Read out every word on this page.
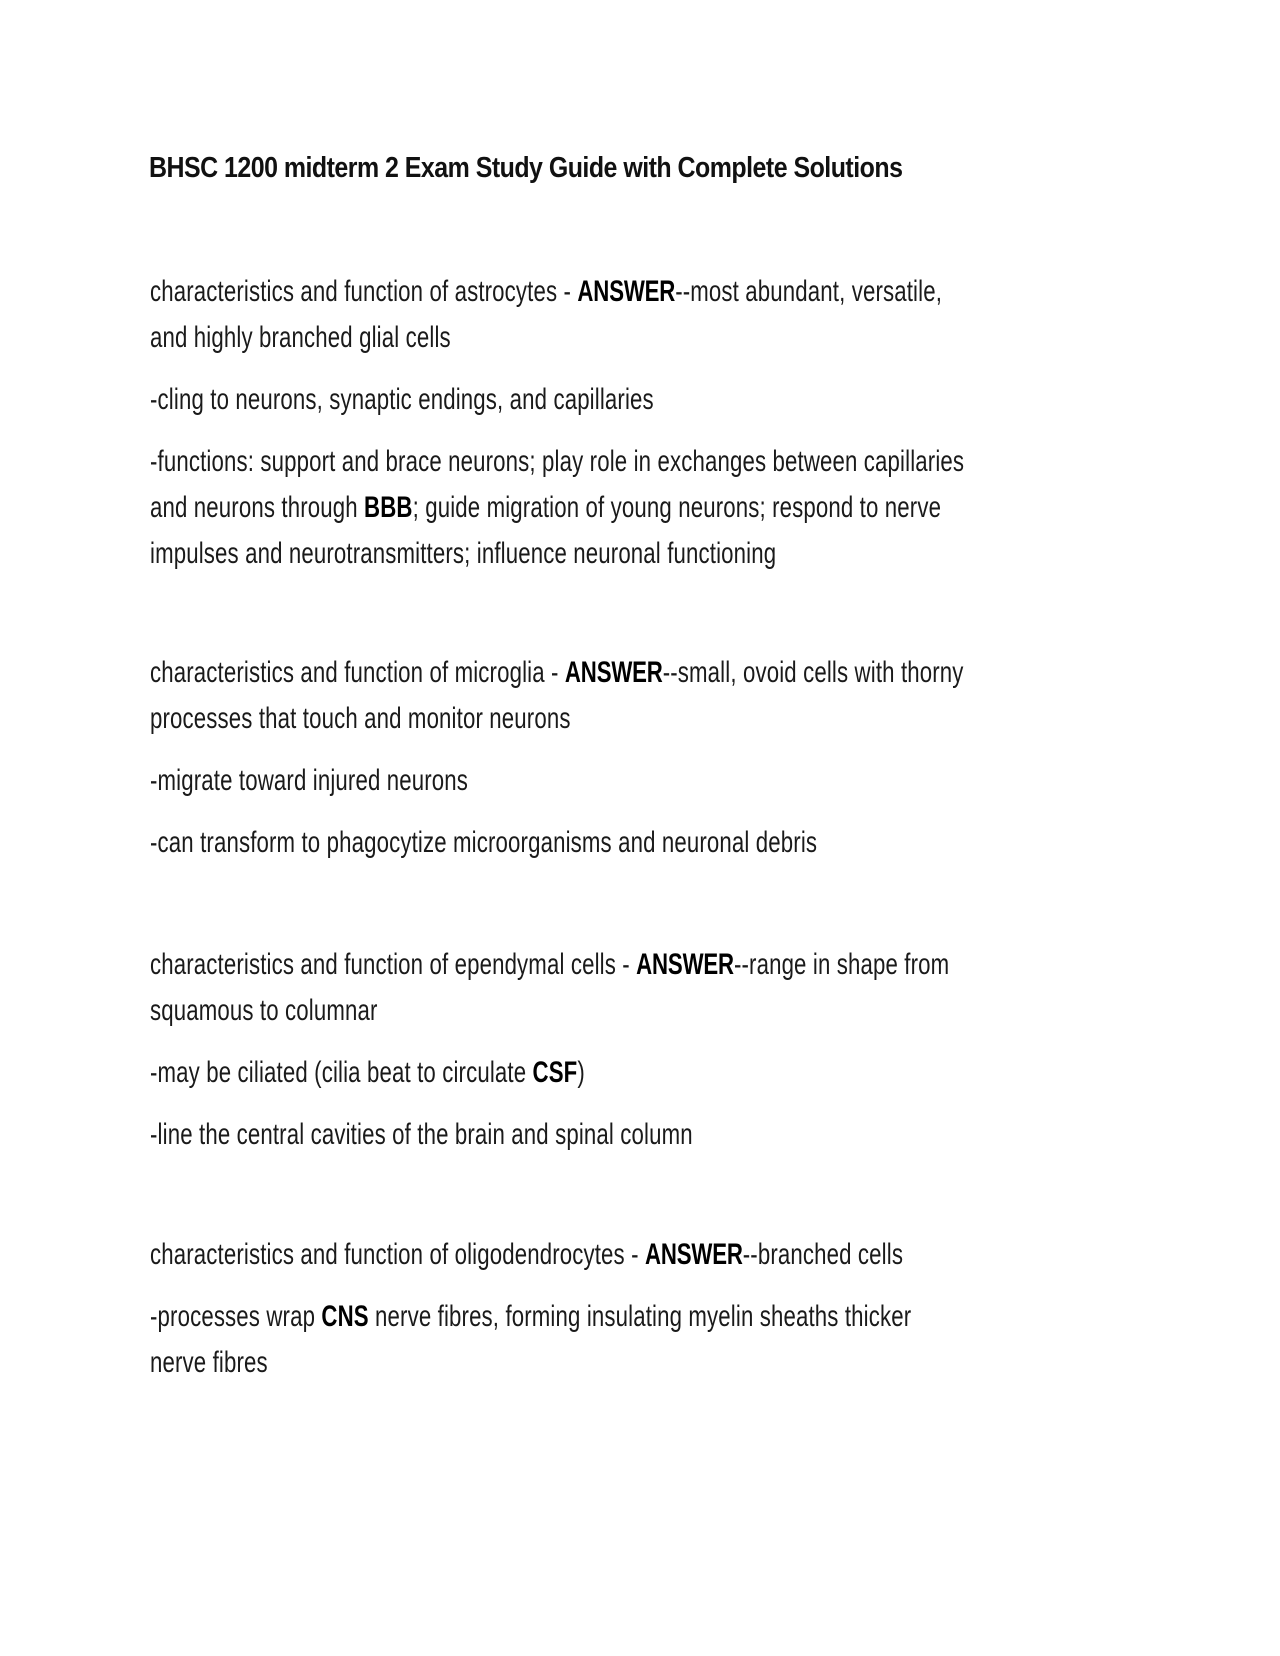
BHSC 1200 midterm 2 Exam Study Guide with Complete Solutions
characteristics and function of astrocytes - ANSWER--most abundant, versatile,
and highly branched glial cells
-cling to neurons, synaptic endings, and capillaries
-functions: support and brace neurons; play role in exchanges between capillaries
and neurons through BBB; guide migration of young neurons; respond to nerve
impulses and neurotransmitters; influence neuronal functioning
characteristics and function of microglia - ANSWER--small, ovoid cells with thorny
processes that touch and monitor neurons
-migrate toward injured neurons
-can transform to phagocytize microorganisms and neuronal debris
characteristics and function of ependymal cells - ANSWER--range in shape from
squamous to columnar
-may be ciliated (cilia beat to circulate CSF)
-line the central cavities of the brain and spinal column
characteristics and function of oligodendrocytes - ANSWER--branched cells
-processes wrap CNS nerve fibres, forming insulating myelin sheaths thicker
nerve fibres
